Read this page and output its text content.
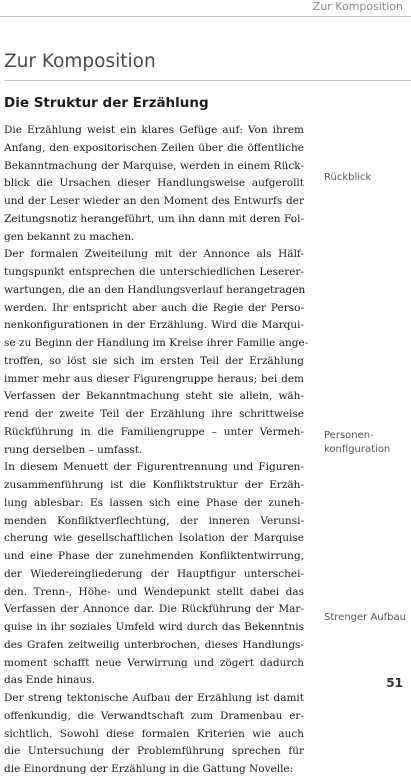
Zur Komposition
Zur Komposition
Die Struktur der Erzählung
Die Erzählung weist ein klares Gefüge auf: Von ihrem
Anfang, den expositorischen Zeilen über die öffentliche
Bekanntmachung der Marquise, werden in einem Rück-
blick die Ursachen dieser Handlungsweise aufgerollt
und der Leser wieder an den Moment des Entwurfs der
Zeitungsnotiz herangeführt, um ihn dann mit deren Fol-
gen bekannt zu machen.
Der formalen Zweiteilung mit der Annonce als Hälf-
tungspunkt entsprechen die unterschiedlichen Leserer-
wartungen, die an den Handlungsverlauf herangetragen
werden. Ihr entspricht aber auch die Regie der Perso-
nenkonfigurationen in der Erzählung. Wird die Marqui-
se zu Beginn der Handlung im Kreise ihrer Familie ange-
troffen, so löst sie sich im ersten Teil der Erzählung
immer mehr aus dieser Figurengruppe heraus; bei dem
Verfassen der Bekanntmachung steht sie allein, wäh-
rend der zweite Teil der Erzählung ihre schrittweise
Rückführung in die Familiengruppe – unter Vermeh-
rung derselben – umfasst.
In diesem Menuett der Figurentrennung und Figuren-
zusammenführung ist die Konfliktstruktur der Erzäh-
lung ablesbar: Es lassen sich eine Phase der zuneh-
menden Konfliktverflechtung, der inneren Verunsi-
cherung wie gesellschaftlichen Isolation der Marquise
und eine Phase der zunehmenden Konfliktentwirrung,
der Wiedereingliederung der Hauptfigur unterschei-
den. Trenn-, Höhe- und Wendepunkt stellt dabei das
Verfassen der Annonce dar. Die Rückführung der Mar-
quise in ihr soziales Umfeld wird durch das Bekenntnis
des Grafen zeitweilig unterbrochen, dieses Handlungs-
moment schafft neue Verwirrung und zögert dadurch
das Ende hinaus.
Der streng tektonische Aufbau der Erzählung ist damit
offenkundig, die Verwandtschaft zum Dramenbau er-
sichtlich. Sowohl diese formalen Kriterien wie auch
die Untersuchung der Problemführung sprechen für
die Einordnung der Erzählung in die Gattung Novelle:
Rückblick
Personen-
konfiguration
Strenger Aufbau
51
